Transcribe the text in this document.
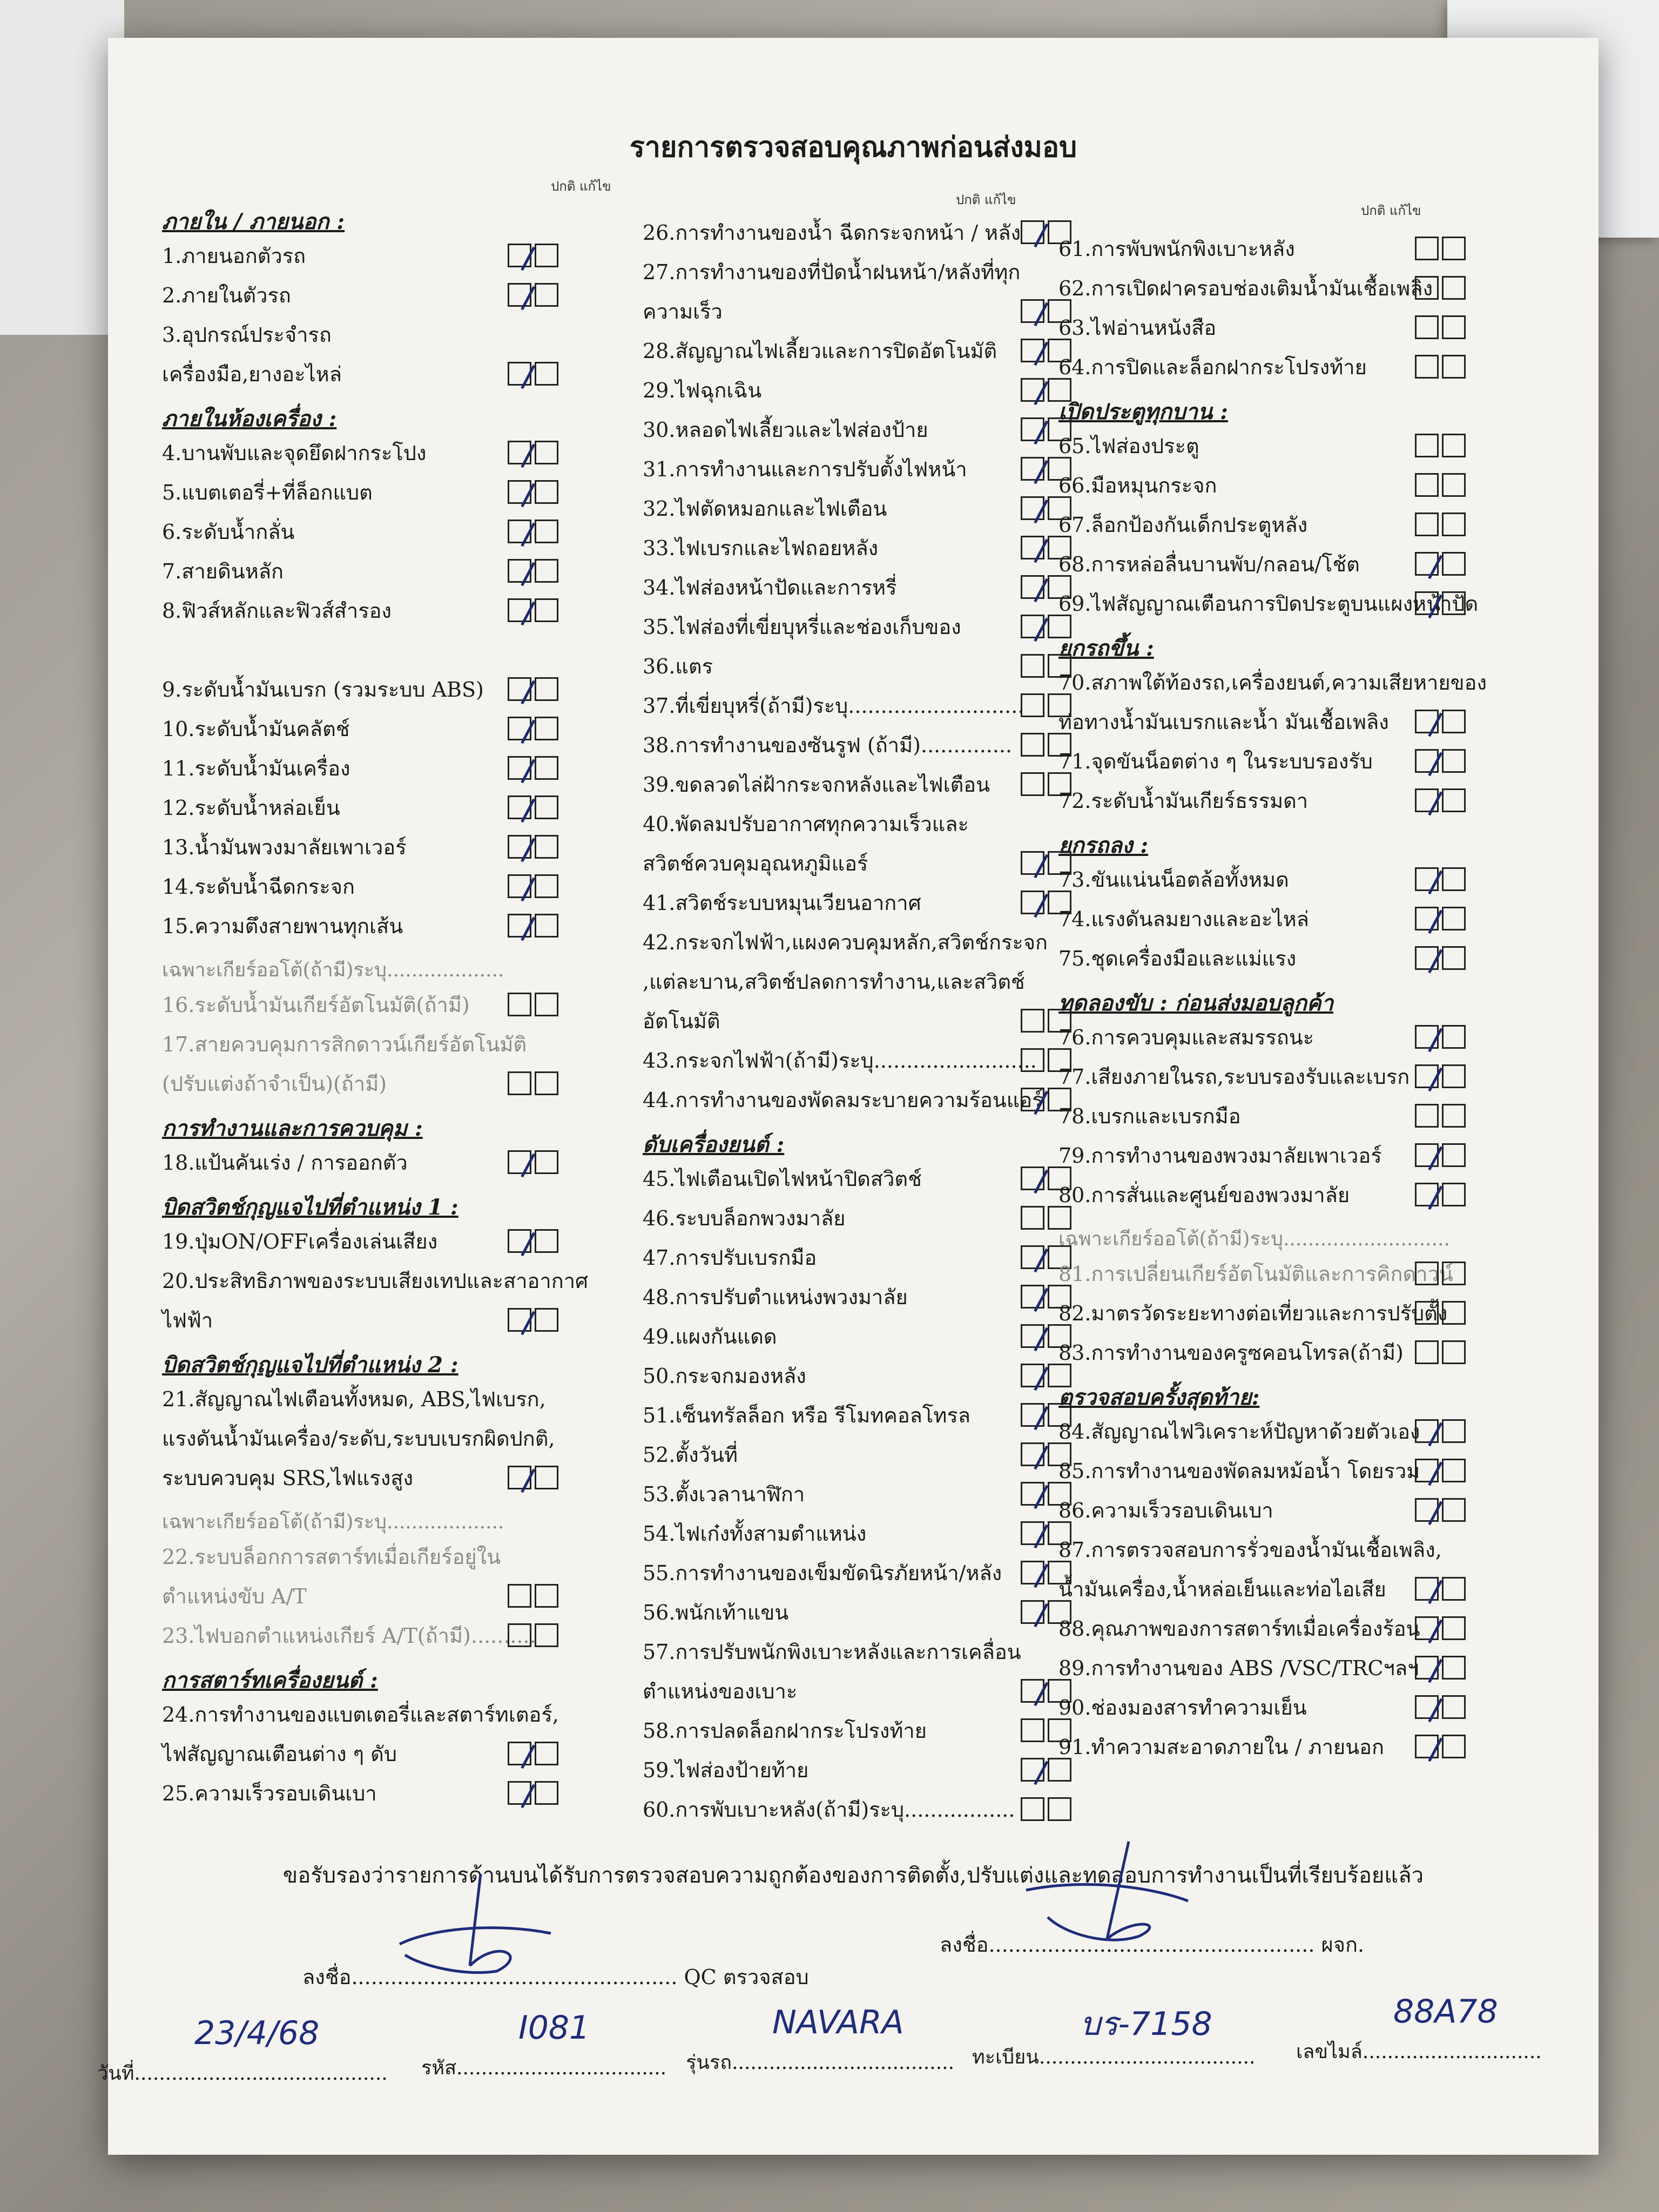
รายการตรวจสอบคุณภาพก่อนส่งมอบ
ปกติ แก้ไข
ปกติ แก้ไข
ปกติ แก้ไข
ภายใน / ภายนอก :
1.ภายนอกตัวรถ
2.ภายในตัวรถ
3.อุปกรณ์ประจำรถ
เครื่องมือ,ยางอะไหล่
ภายในห้องเครื่อง :
4.บานพับและจุดยึดฝากระโปง
5.แบตเตอรี่+ที่ล็อกแบต
6.ระดับน้ำกลั่น
7.สายดินหลัก
8.ฟิวส์หลักและฟิวส์สำรอง
9.ระดับน้ำมันเบรก (รวมระบบ ABS)
10.ระดับน้ำมันคลัตช์
11.ระดับน้ำมันเครื่อง
12.ระดับน้ำหล่อเย็น
13.น้ำมันพวงมาลัยเพาเวอร์
14.ระดับน้ำฉีดกระจก
15.ความตึงสายพานทุกเส้น
เฉพาะเกียร์ออโต้(ถ้ามี)ระบุ...................
16.ระดับน้ำมันเกียร์อัตโนมัติ(ถ้ามี)
17.สายควบคุมการสิกดาวน์เกียร์อัตโนมัติ
(ปรับแต่งถ้าจำเป็น)(ถ้ามี)
การทำงานและการควบคุม :
18.แป้นคันเร่ง / การออกตัว
บิดสวิตช์กุญแจไปที่ตำแหน่ง 1 :
19.ปุ่มON/OFFเครื่องเล่นเสียง
20.ประสิทธิภาพของระบบเสียงเทปและสาอากาศ
ไฟฟ้า
บิดสวิตช์กุญแจไปที่ตำแหน่ง 2 :
21.สัญญาณไฟเตือนทั้งหมด, ABS,ไฟเบรก,
แรงดันน้ำมันเครื่อง/ระดับ,ระบบเบรกผิดปกติ,
ระบบควบคุม SRS,ไฟแรงสูง
เฉพาะเกียร์ออโต้(ถ้ามี)ระบุ...................
22.ระบบล็อกการสตาร์ทเมื่อเกียร์อยู่ใน
ตำแหน่งขับ A/T
23.ไฟบอกตำแหน่งเกียร์ A/T(ถ้ามี)..........
การสตาร์ทเครื่องยนต์ :
24.การทำงานของแบตเตอรี่และสตาร์ทเตอร์,
ไฟสัญญาณเตือนต่าง ๆ ดับ
25.ความเร็วรอบเดินเบา
26.การทำงานของน้ำ ฉีดกระจกหน้า / หลัง
27.การทำงานของที่ปัดน้ำฝนหน้า/หลังที่ทุก
ความเร็ว
28.สัญญาณไฟเลี้ยวและการปิดอัตโนมัติ
29.ไฟฉุกเฉิน
30.หลอดไฟเลี้ยวและไฟส่องป้าย
31.การทำงานและการปรับตั้งไฟหน้า
32.ไฟตัดหมอกและไฟเตือน
33.ไฟเบรกและไฟถอยหลัง
34.ไฟส่องหน้าปัดและการหรี่
35.ไฟส่องที่เขี่ยบุหรี่และช่องเก็บของ
36.แตร
37.ที่เขี่ยบุหรี่(ถ้ามี)ระบุ...........................
38.การทำงานของซันรูฟ (ถ้ามี)..............
39.ขดลวดไล่ฝ้ากระจกหลังและไฟเตือน
40.พัดลมปรับอากาศทุกความเร็วและ
สวิตช์ควบคุมอุณหภูมิแอร์
41.สวิตช์ระบบหมุนเวียนอากาศ
42.กระจกไฟฟ้า,แผงควบคุมหลัก,สวิตช์กระจก
,แต่ละบาน,สวิตช์ปลดการทำงาน,และสวิตช์
อัตโนมัติ
43.กระจกไฟฟ้า(ถ้ามี)ระบุ.........................
44.การทำงานของพัดลมระบายความร้อนแอร์
ดับเครื่องยนต์ :
45.ไฟเตือนเปิดไฟหน้าปิดสวิตช์
46.ระบบล็อกพวงมาลัย
47.การปรับเบรกมือ
48.การปรับตำแหน่งพวงมาลัย
49.แผงกันแดด
50.กระจกมองหลัง
51.เซ็นทรัลล็อก หรือ รีโมทคอลโทรล
52.ตั้งวันที่
53.ตั้งเวลานาฬิกา
54.ไฟเก๋งทั้งสามตำแหน่ง
55.การทำงานของเข็มขัดนิรภัยหน้า/หลัง
56.พนักเท้าแขน
57.การปรับพนักพิงเบาะหลังและการเคลื่อน
ตำแหน่งของเบาะ
58.การปลดล็อกฝากระโปรงท้าย
59.ไฟส่องป้ายท้าย
60.การพับเบาะหลัง(ถ้ามี)ระบุ.................
61.การพับพนักพิงเบาะหลัง
62.การเปิดฝาครอบช่องเติมน้ำมันเชื้อเพลิง
63.ไฟอ่านหนังสือ
64.การปิดและล็อกฝากระโปรงท้าย
เปิดประตูทุกบาน :
65.ไฟส่องประตู
66.มือหมุนกระจก
67.ล็อกป้องกันเด็กประตูหลัง
68.การหล่อลื่นบานพับ/กลอน/โช้ต
69.ไฟสัญญาณเตือนการปิดประตูบนแผงหน้าปัด
ยกรถขึ้น :
70.สภาพใต้ท้องรถ,เครื่องยนต์,ความเสียหายของ
ท่อทางน้ำมันเบรกและน้ำ มันเชื้อเพลิง
71.จุดขันน็อตต่าง ๆ ในระบบรองรับ
72.ระดับน้ำมันเกียร์ธรรมดา
ยกรถลง :
73.ขันแน่นน็อตล้อทั้งหมด
74.แรงดันลมยางและอะไหล่
75.ชุดเครื่องมือและแม่แรง
ทดลองขับ : ก่อนส่งมอบลูกค้า
76.การควบคุมและสมรรถนะ
77.เสียงภายในรถ,ระบบรองรับและเบรก
78.เบรกและเบรกมือ
79.การทำงานของพวงมาลัยเพาเวอร์
80.การสั่นและศูนย์ของพวงมาลัย
เฉพาะเกียร์ออโต้(ถ้ามี)ระบุ...........................
81.การเปลี่ยนเกียร์อัตโนมัติและการคิกดาวน์
82.มาตรวัดระยะทางต่อเที่ยวและการปรับตั้ง
83.การทำงานของครูซคอนโทรล(ถ้ามี)
ตรวจสอบครั้งสุดท้าย:
84.สัญญาณไฟวิเคราะห์ปัญหาด้วยตัวเอง
85.การทำงานของพัดลมหม้อน้ำ โดยรวม
86.ความเร็วรอบเดินเบา
87.การตรวจสอบการรั่วของน้ำมันเชื้อเพลิง,
น้ำมันเครื่อง,น้ำหล่อเย็นและท่อไอเสีย
88.คุณภาพของการสตาร์ทเมื่อเครื่องร้อน
89.การทำงานของ ABS /VSC/TRCฯลฯ
90.ช่องมองสารทำความเย็น
91.ทำความสะอาดภายใน / ภายนอก
ขอรับรองว่ารายการด้านบนได้รับการตรวจสอบความถูกต้องของการติดตั้ง,ปรับแต่งและทดสอบการทำงานเป็นที่เรียบร้อยแล้ว
ลงชื่อ.................................................. QC ตรวจสอบ
ลงชื่อ.................................................. ผจก.
วันที่.........................................
23/4/68
รหัส..................................
I081
รุ่นรถ....................................
NAVARA
ทะเบียน...................................
บร-7158
เลขไมล์.............................
88A78
